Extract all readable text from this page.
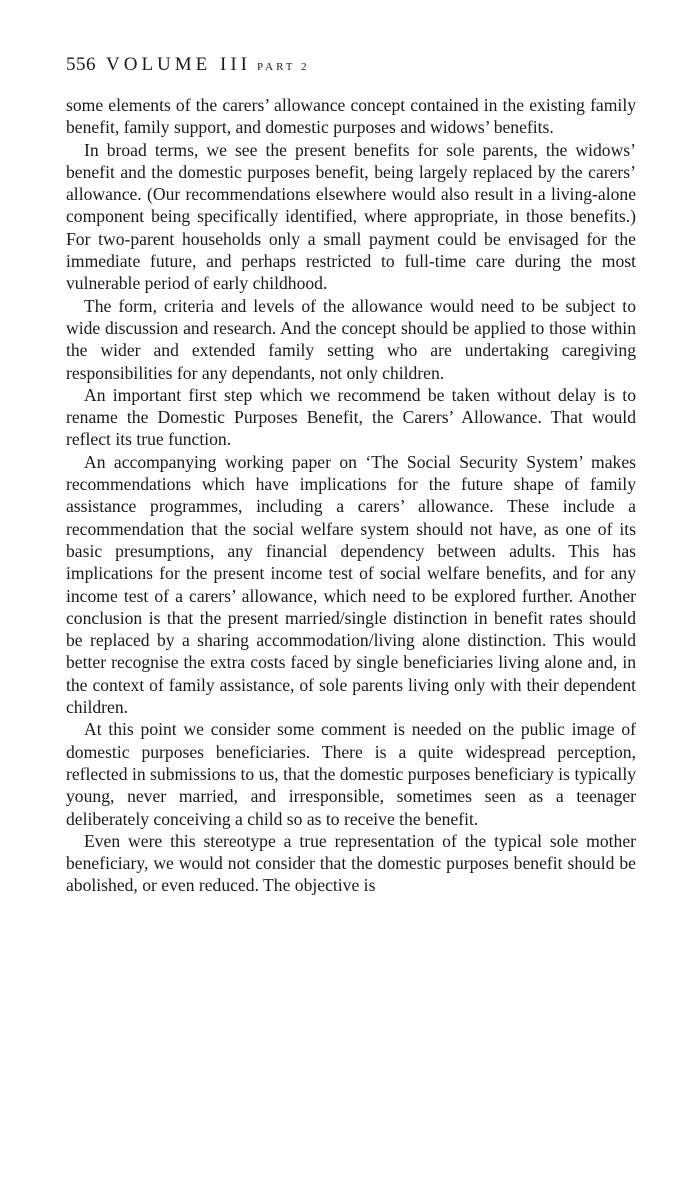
556 VOLUME III PART 2

some elements of the carers’ allowance concept contained in the existing family benefit, family support, and domestic purposes and widows’ benefits.

In broad terms, we see the present benefits for sole parents, the widows’ benefit and the domestic purposes benefit, being largely replaced by the carers’ allowance. (Our recommendations elsewhere would also result in a living-alone component being specifically identified, where appropriate, in those benefits.) For two-parent households only a small payment could be envisaged for the immediate future, and perhaps restricted to full-time care during the most vulnerable period of early childhood.

The form, criteria and levels of the allowance would need to be subject to wide discussion and research. And the concept should be applied to those within the wider and extended family setting who are undertaking caregiving responsibilities for any dependants, not only children.

An important first step which we recommend be taken without delay is to rename the Domestic Purposes Benefit, the Carers’ Allowance. That would reflect its true function.

An accompanying working paper on ‘The Social Security System’ makes recommendations which have implications for the future shape of family assistance programmes, including a carers’ allowance. These include a recommendation that the social welfare system should not have, as one of its basic presumptions, any financial dependency between adults. This has implications for the present income test of social welfare benefits, and for any income test of a carers’ allowance, which need to be explored further. Another conclusion is that the present married/single distinction in benefit rates should be replaced by a sharing accommodation/living alone distinction. This would better recognise the extra costs faced by single beneficiaries living alone and, in the context of family assistance, of sole parents living only with their dependent children.

At this point we consider some comment is needed on the public image of domestic purposes beneficiaries. There is a quite widespread perception, reflected in submissions to us, that the domestic purposes beneficiary is typically young, never married, and irresponsible, sometimes seen as a teenager deliberately conceiving a child so as to receive the benefit.

Even were this stereotype a true representation of the typical sole mother beneficiary, we would not consider that the domestic purposes benefit should be abolished, or even reduced. The objective is
